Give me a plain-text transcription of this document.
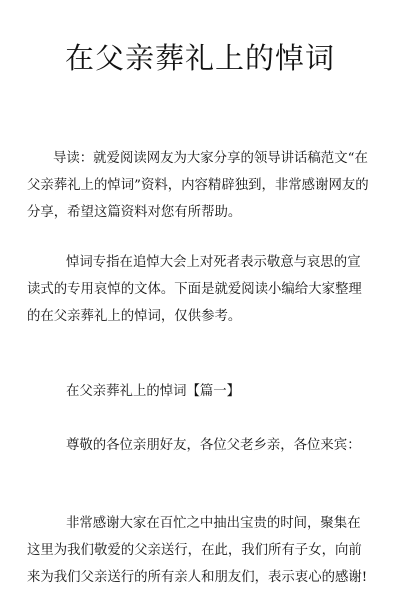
在父亲葬礼上的悼词

导读：就爱阅读网友为大家分享的领导讲话稿范文“在
父亲葬礼上的悼词”资料，内容精辟独到，非常感谢网友的
分享，希望这篇资料对您有所帮助。

悼词专指在追悼大会上对死者表示敬意与哀思的宣
读式的专用哀悼的文体。下面是就爱阅读小编给大家整理
的在父亲葬礼上的悼词，仅供参考。

在父亲葬礼上的悼词【篇一】

尊敬的各位亲朋好友，各位父老乡亲，各位来宾：

非常感谢大家在百忙之中抽出宝贵的时间，聚集在
这里为我们敬爱的父亲送行，在此，我们所有子女，向前
来为我们父亲送行的所有亲人和朋友们，表示衷心的感谢!
